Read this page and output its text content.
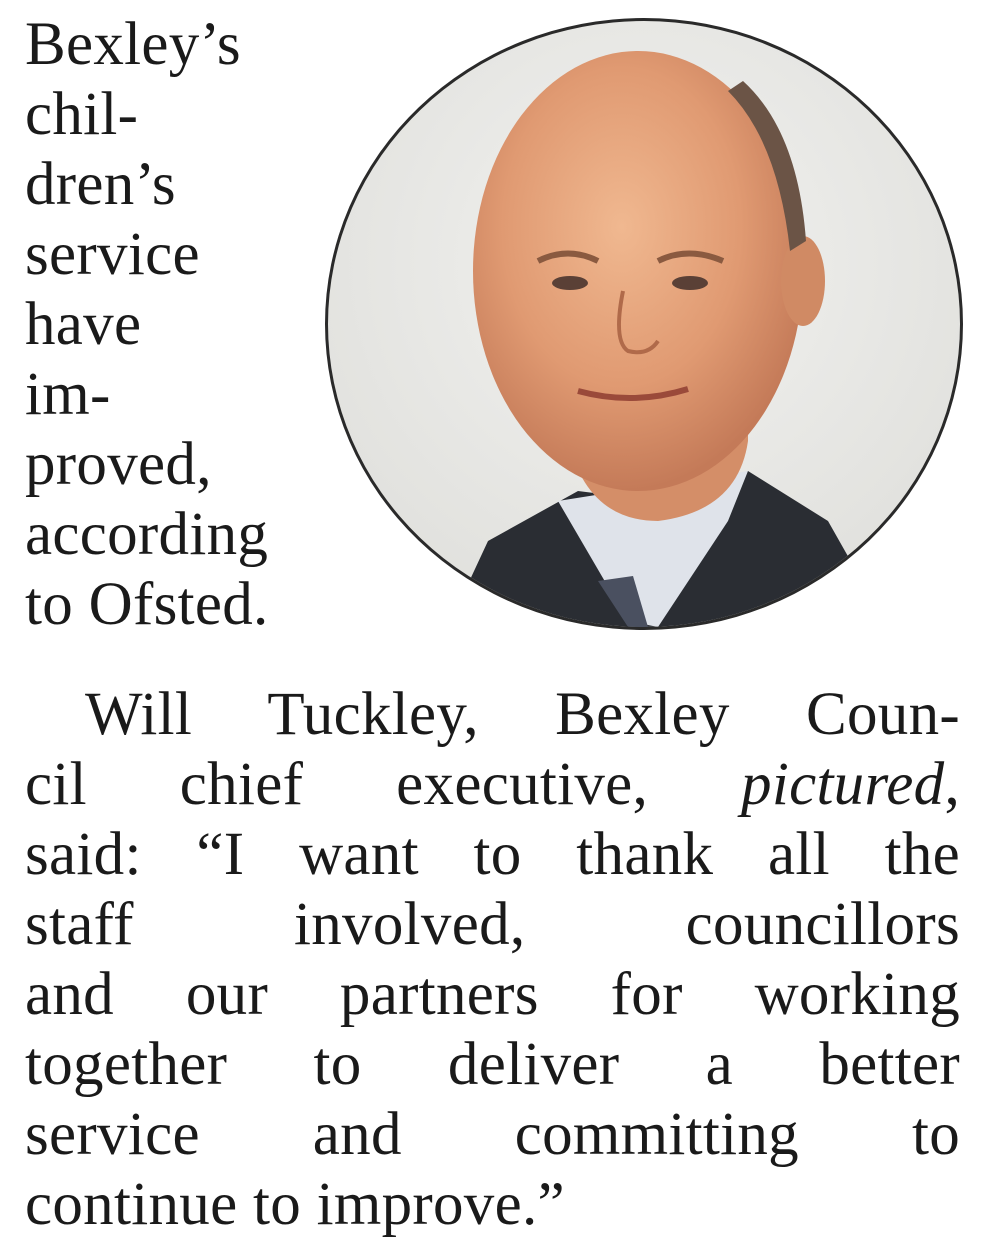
Bexley’s
chil-
dren’s
service
have
im-
proved,
according
to Ofsted.
Will Tuckley, Bexley Coun-
cil chief executive, pictured,
said: “I want to thank all the
staff involved, councillors
and our partners for working
together to deliver a better
service and committing to
continue to improve.”
